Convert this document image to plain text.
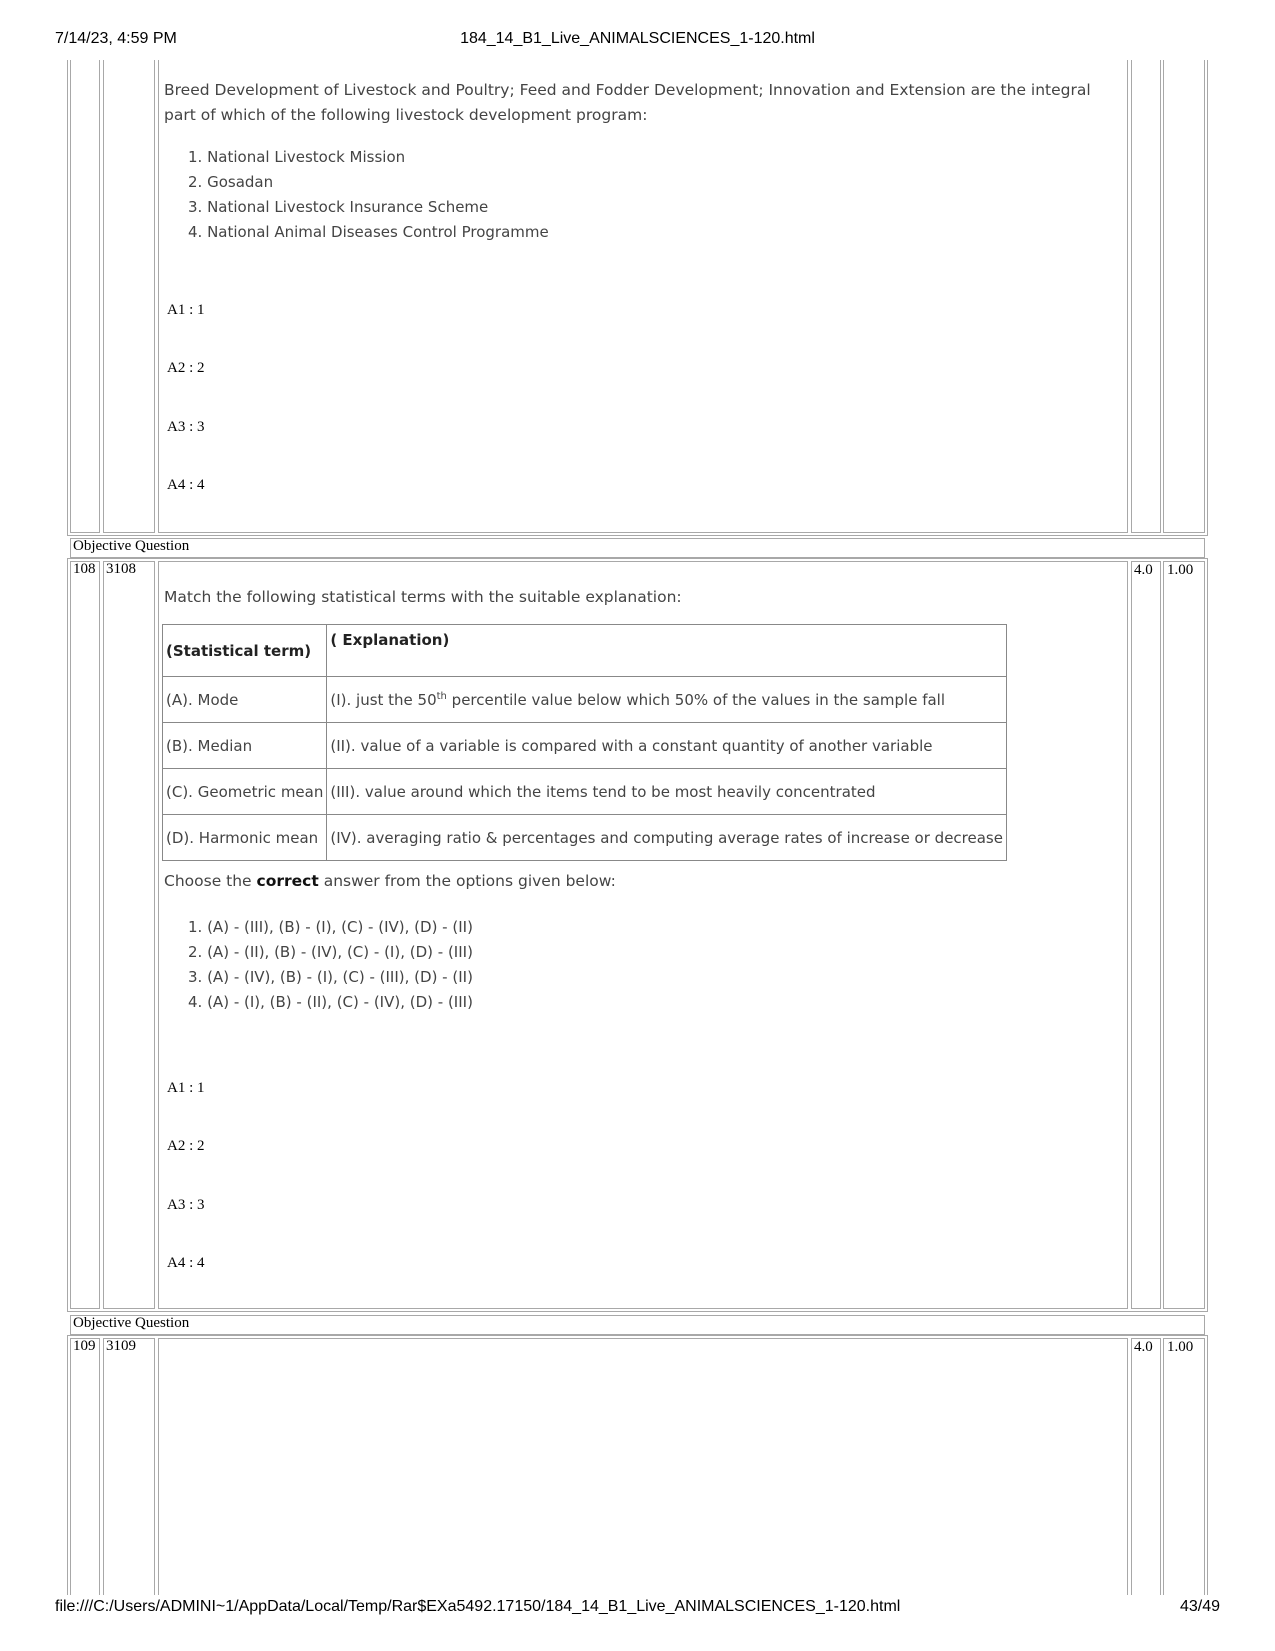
7/14/23, 4:59 PM	184_14_B1_Live_ANIMALSCIENCES_1-120.html
Breed Development of Livestock and Poultry; Feed and Fodder Development; Innovation and Extension are the integral part of which of the following livestock development program:
1. National Livestock Mission
2. Gosadan
3. National Livestock Insurance Scheme
4. National Animal Diseases Control Programme
A1 : 1
A2 : 2
A3 : 3
A4 : 4
Objective Question
108 3108	4.0 1.00
Match the following statistical terms with the suitable explanation:
(Statistical term)	( Explanation)
(A). Mode	(I). just the 50th percentile value below which 50% of the values in the sample fall
(B). Median	(II). value of a variable is compared with a constant quantity of another variable
(C). Geometric mean	(III). value around which the items tend to be most heavily concentrated
(D). Harmonic mean	(IV). averaging ratio & percentages and computing average rates of increase or decrease
Choose the correct answer from the options given below:
1. (A) - (III), (B) - (I), (C) - (IV), (D) - (II)
2. (A) - (II), (B) - (IV), (C) - (I), (D) - (III)
3. (A) - (IV), (B) - (I), (C) - (III), (D) - (II)
4. (A) - (I), (B) - (II), (C) - (IV), (D) - (III)
A1 : 1
A2 : 2
A3 : 3
A4 : 4
Objective Question
109 3109	4.0 1.00
file:///C:/Users/ADMINI~1/AppData/Local/Temp/Rar$EXa5492.17150/184_14_B1_Live_ANIMALSCIENCES_1-120.html	43/49
